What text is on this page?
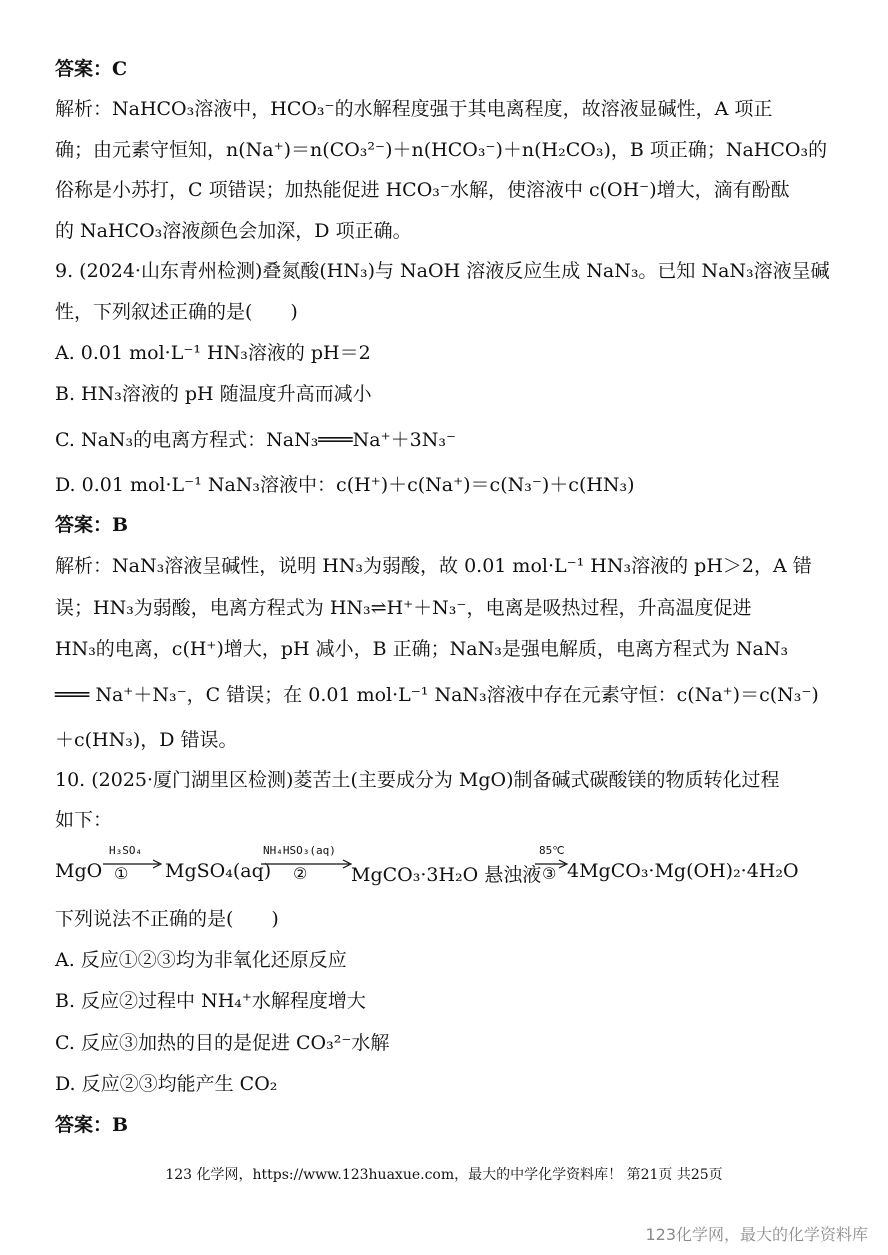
答案：C
解析：NaHCO₃溶液中，HCO₃⁻的水解程度强于其电离程度，故溶液显碱性，A 项正
确；由元素守恒知，n(Na⁺)＝n(CO₃²⁻)＋n(HCO₃⁻)＋n(H₂CO₃)，B 项正确；NaHCO₃的
俗称是小苏打，C 项错误；加热能促进 HCO₃⁻水解，使溶液中 c(OH⁻)增大，滴有酚酞
的 NaHCO₃溶液颜色会加深，D 项正确。
9. (2024·山东青州检测)叠氮酸(HN₃)与 NaOH 溶液反应生成 NaN₃。已知 NaN₃溶液呈碱
性，下列叙述正确的是(　　)
A. 0.01 mol·L⁻¹ HN₃溶液的 pH＝2
B. HN₃溶液的 pH 随温度升高而减小
C. NaN₃的电离方程式：NaN₃═══Na⁺＋3N₃⁻
D. 0.01 mol·L⁻¹ NaN₃溶液中：c(H⁺)＋c(Na⁺)＝c(N₃⁻)＋c(HN₃)
答案：B
解析：NaN₃溶液呈碱性，说明 HN₃为弱酸，故 0.01 mol·L⁻¹ HN₃溶液的 pH＞2，A 错
误；HN₃为弱酸，电离方程式为 HN₃⇌H⁺＋N₃⁻，电离是吸热过程，升高温度促进
HN₃的电离，c(H⁺)增大，pH 减小，B 正确；NaN₃是强电解质，电离方程式为 NaN₃
═══ Na⁺＋N₃⁻，C 错误；在 0.01 mol·L⁻¹ NaN₃溶液中存在元素守恒：c(Na⁺)＝c(N₃⁻)
＋c(HN₃)，D 错误。
10. (2025·厦门湖里区检测)菱苦土(主要成分为 MgO)制备碱式碳酸镁的物质转化过程
如下：
MgO
H₃SO₄
① MgSO₄(aq)
NH₄HSO₃(aq)
② MgCO₃·3H₂O 悬浊液
85℃
③ 4MgCO₃·Mg(OH)₂·4H₂O
下列说法不正确的是(　　)
A. 反应①②③均为非氧化还原反应
B. 反应②过程中 NH₄⁺水解程度增大
C. 反应③加热的目的是促进 CO₃²⁻水解
D. 反应②③均能产生 CO₂
答案：B
123 化学网，https://www.123huaxue.com，最大的中学化学资料库！ 第21页 共25页
123化学网，最大的化学资料库
